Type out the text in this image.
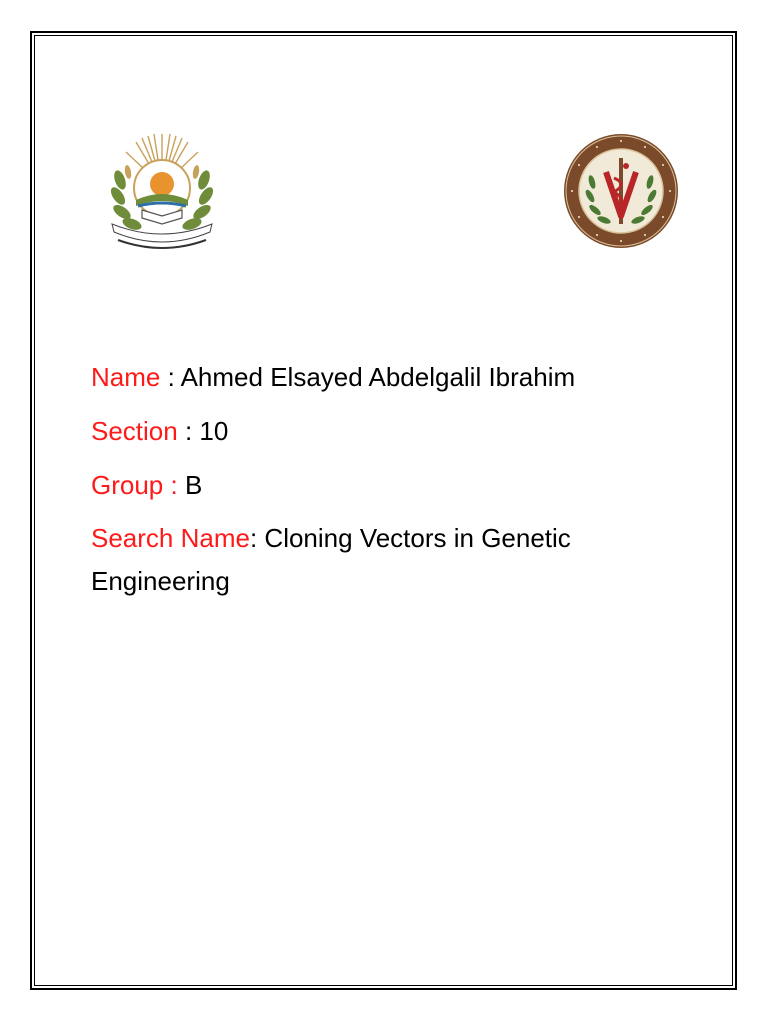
Name : Ahmed Elsayed Abdelgalil Ibrahim
Section : 10
Group : B
Search Name: Cloning Vectors in Genetic Engineering
